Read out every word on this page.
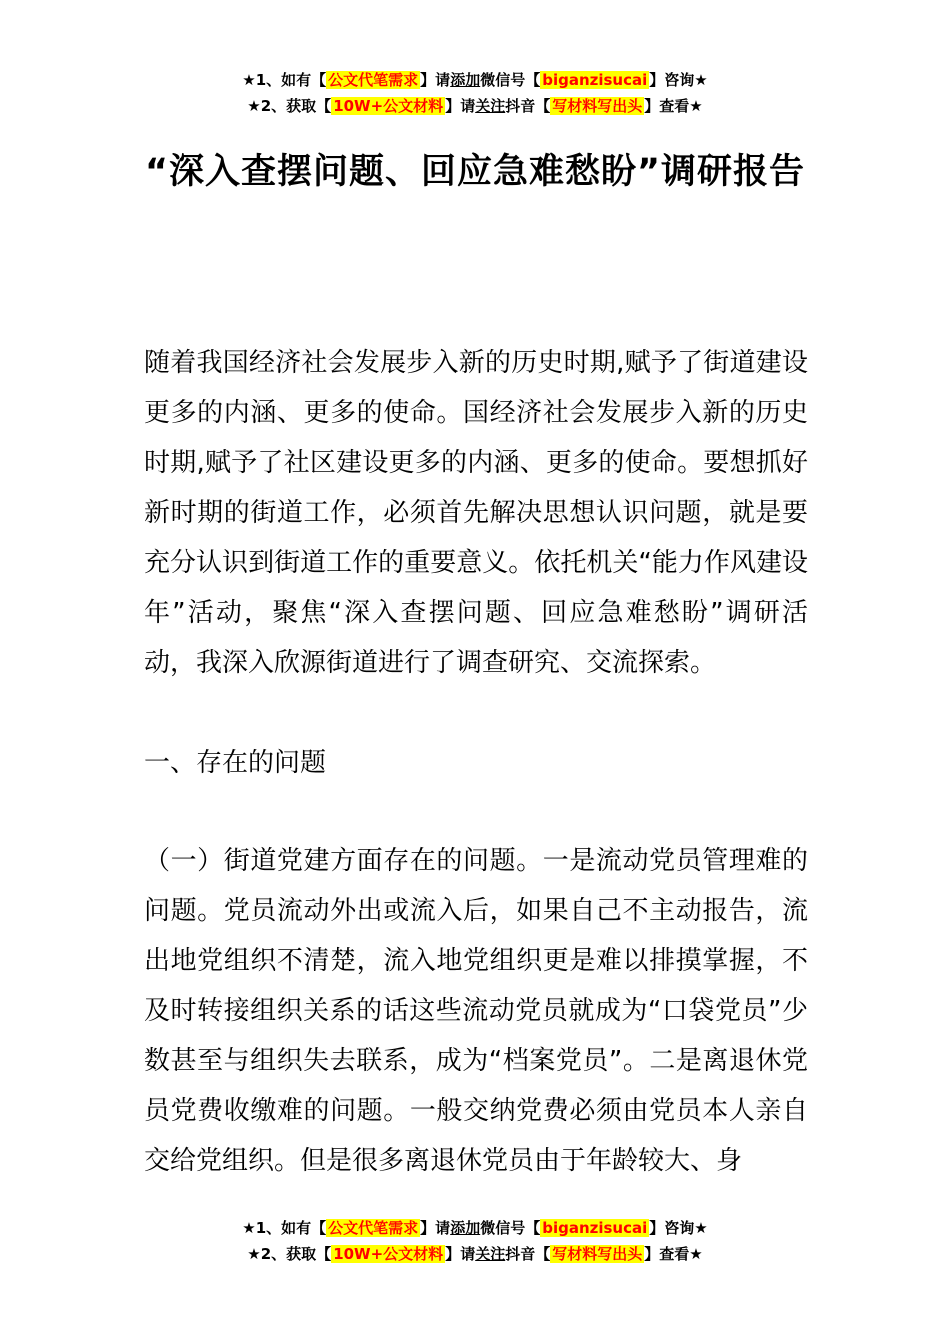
★1、如有【 公文代笔需求 】请添加微信号【 biganzisucai 】咨询★
★2、获取【 10W+公文材料 】请关注抖音【 写材料写出头 】查看★
“深入查摆问题、回应急难愁盼”调研报告

随着我国经济社会发展步入新的历史时期,赋予了街道建设更多的内涵、更多的使命。国经济社会发展步入新的历史时期,赋予了社区建设更多的内涵、更多的使命。要想抓好新时期的街道工作，必须首先解决思想认识问题，就是要充分认识到街道工作的重要意义。依托机关“能力作风建设年”活动，聚焦“深入查摆问题、回应急难愁盼”调研活动，我深入欣源街道进行了调查研究、交流探索。

一、存在的问题

（一）街道党建方面存在的问题。一是流动党员管理难的问题。党员流动外出或流入后，如果自己不主动报告，流出地党组织不清楚，流入地党组织更是难以排摸掌握，不及时转接组织关系的话这些流动党员就成为“口袋党员”少数甚至与组织失去联系，成为“档案党员”。二是离退休党员党费收缴难的问题。一般交纳党费必须由党员本人亲自交给党组织。但是很多离退休党员由于年龄较大、身

★1、如有【 公文代笔需求 】请添加微信号【 biganzisucai 】咨询★
★2、获取【 10W+公文材料 】请关注抖音【 写材料写出头 】查看★
